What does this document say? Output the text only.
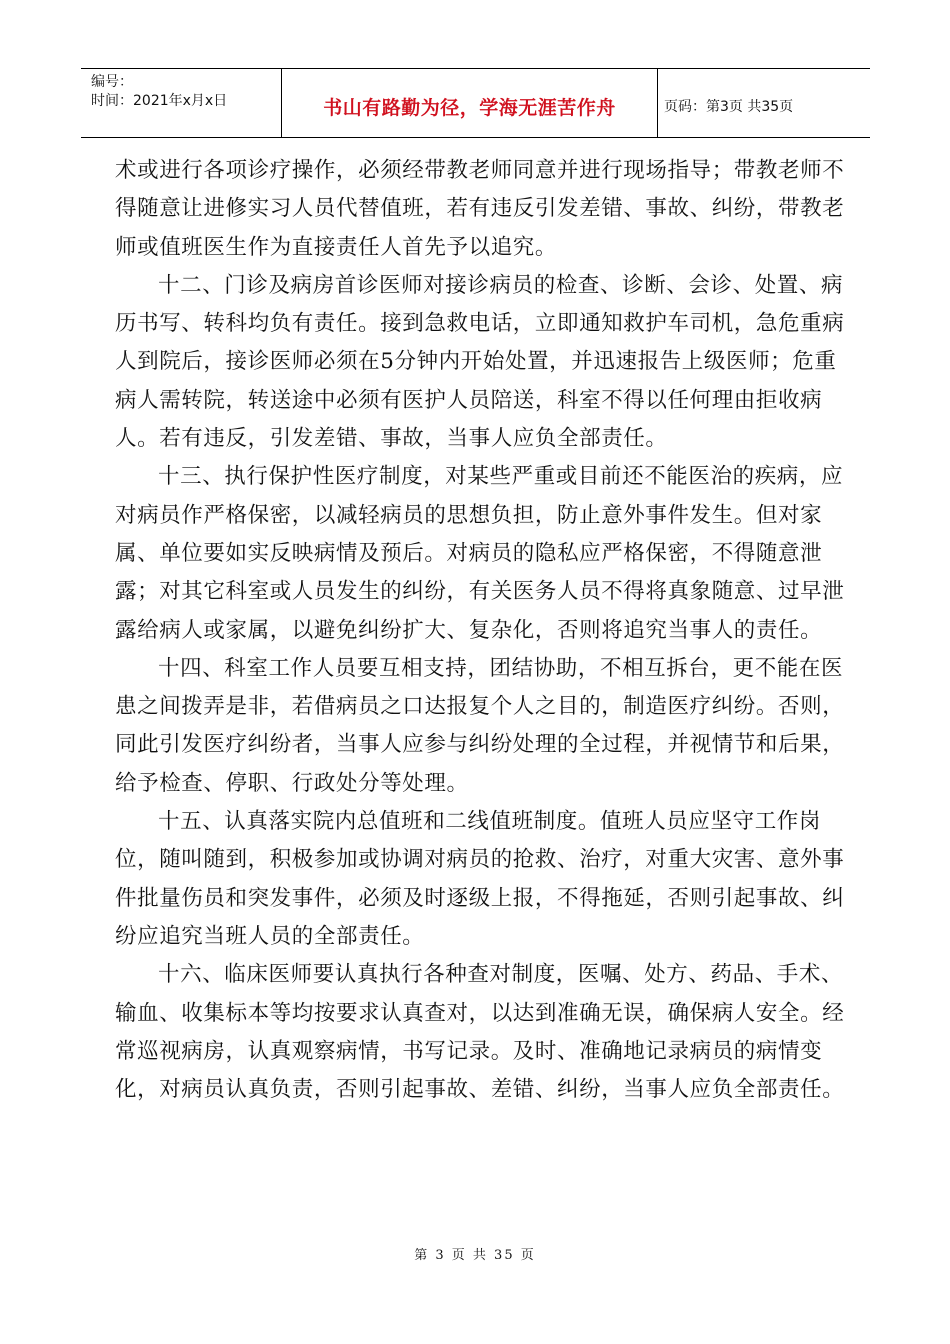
编号：
时间：2021年x月x日	书山有路勤为径，学海无涯苦作舟	页码：第3页 共35页

术或进行各项诊疗操作，必须经带教老师同意并进行现场指导；带教老师不得随意让进修实习人员代替值班，若有违反引发差错、事故、纠纷，带教老师或值班医生作为直接责任人首先予以追究。

十二、门诊及病房首诊医师对接诊病员的检查、诊断、会诊、处置、病历书写、转科均负有责任。接到急救电话，立即通知救护车司机，急危重病人到院后，接诊医师必须在5分钟内开始处置，并迅速报告上级医师；危重病人需转院，转送途中必须有医护人员陪送，科室不得以任何理由拒收病人。若有违反，引发差错、事故，当事人应负全部责任。

十三、执行保护性医疗制度，对某些严重或目前还不能医治的疾病，应对病员作严格保密，以减轻病员的思想负担，防止意外事件发生。但对家属、单位要如实反映病情及预后。对病员的隐私应严格保密，不得随意泄露；对其它科室或人员发生的纠纷，有关医务人员不得将真象随意、过早泄露给病人或家属，以避免纠纷扩大、复杂化，否则将追究当事人的责任。

十四、科室工作人员要互相支持，团结协助，不相互拆台，更不能在医患之间拨弄是非，若借病员之口达报复个人之目的，制造医疗纠纷。否则，同此引发医疗纠纷者，当事人应参与纠纷处理的全过程，并视情节和后果，给予检查、停职、行政处分等处理。

十五、认真落实院内总值班和二线值班制度。值班人员应坚守工作岗位，随叫随到，积极参加或协调对病员的抢救、治疗，对重大灾害、意外事件批量伤员和突发事件，必须及时逐级上报，不得拖延，否则引起事故、纠纷应追究当班人员的全部责任。

十六、临床医师要认真执行各种查对制度，医嘱、处方、药品、手术、输血、收集标本等均按要求认真查对，以达到准确无误，确保病人安全。经常巡视病房，认真观察病情，书写记录。及时、准确地记录病员的病情变化，对病员认真负责，否则引起事故、差错、纠纷，当事人应负全部责任。

第 3 页 共 35 页
